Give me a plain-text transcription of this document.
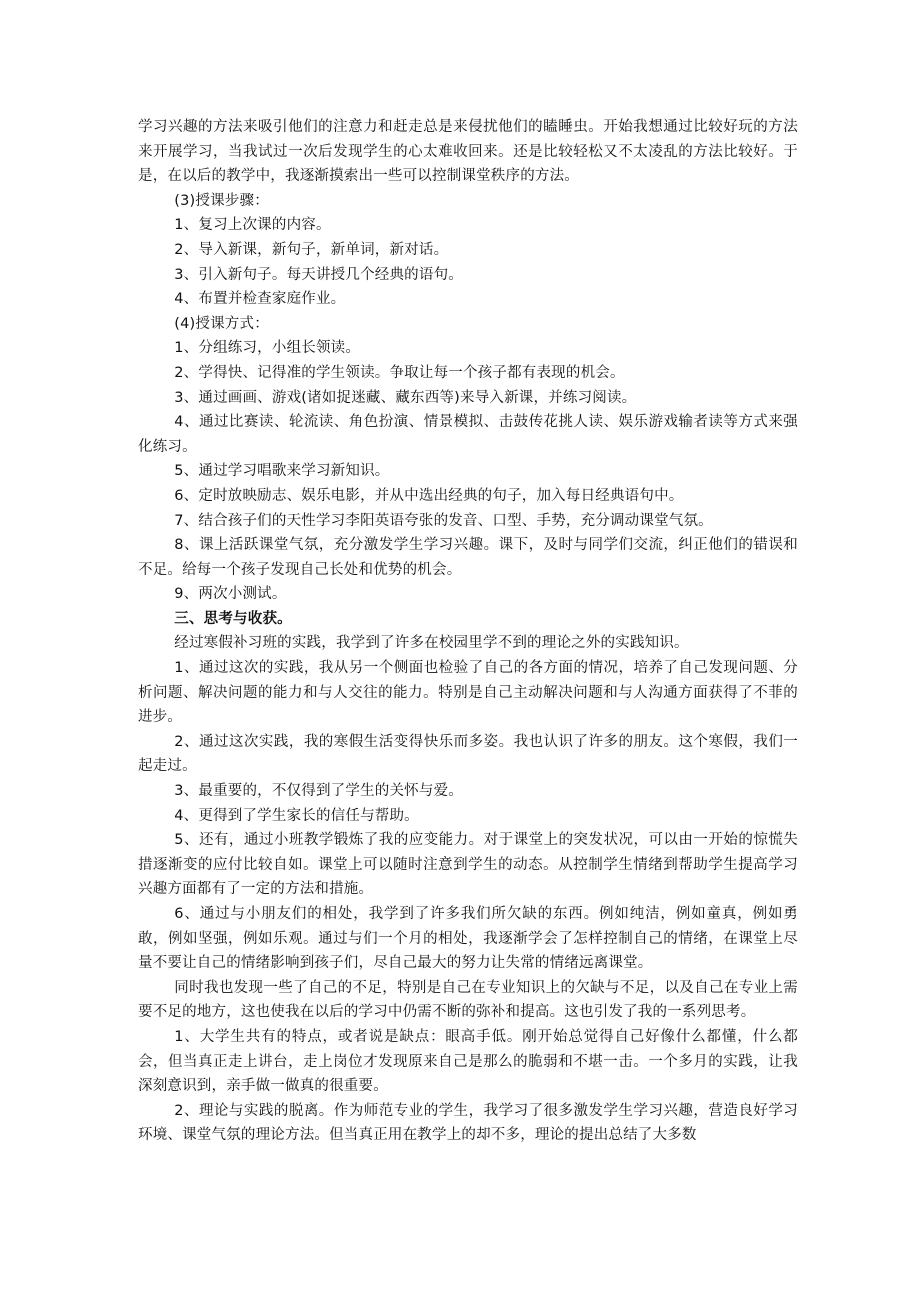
学习兴趣的方法来吸引他们的注意力和赶走总是来侵扰他们的瞌睡虫。开始我想通过比较好玩的方法来开展学习，当我试过一次后发现学生的心太难收回来。还是比较轻松又不太凌乱的方法比较好。于是，在以后的教学中，我逐渐摸索出一些可以控制课堂秩序的方法。

(3)授课步骤：

1、复习上次课的内容。

2、导入新课，新句子，新单词，新对话。

3、引入新句子。每天讲授几个经典的语句。

4、布置并检查家庭作业。

(4)授课方式：

1、分组练习，小组长领读。

2、学得快、记得准的学生领读。争取让每一个孩子都有表现的机会。

3、通过画画、游戏(诸如捉迷藏、藏东西等)来导入新课，并练习阅读。

4、通过比赛读、轮流读、角色扮演、情景模拟、击鼓传花挑人读、娱乐游戏输者读等方式来强化练习。

5、通过学习唱歌来学习新知识。

6、定时放映励志、娱乐电影，并从中选出经典的句子，加入每日经典语句中。

7、结合孩子们的天性学习李阳英语夸张的发音、口型、手势，充分调动课堂气氛。

8、课上活跃课堂气氛，充分激发学生学习兴趣。课下，及时与同学们交流，纠正他们的错误和不足。给每一个孩子发现自己长处和优势的机会。

9、两次小测试。

三、思考与收获。

经过寒假补习班的实践，我学到了许多在校园里学不到的理论之外的实践知识。

1、通过这次的实践，我从另一个侧面也检验了自己的各方面的情况，培养了自己发现问题、分析问题、解决问题的能力和与人交往的能力。特别是自己主动解决问题和与人沟通方面获得了不菲的进步。

2、通过这次实践，我的寒假生活变得快乐而多姿。我也认识了许多的朋友。这个寒假，我们一起走过。

3、最重要的，不仅得到了学生的关怀与爱。

4、更得到了学生家长的信任与帮助。

5、还有，通过小班教学锻炼了我的应变能力。对于课堂上的突发状况，可以由一开始的惊慌失措逐渐变的应付比较自如。课堂上可以随时注意到学生的动态。从控制学生情绪到帮助学生提高学习兴趣方面都有了一定的方法和措施。

6、通过与小朋友们的相处，我学到了许多我们所欠缺的东西。例如纯洁，例如童真，例如勇敢，例如坚强，例如乐观。通过与们一个月的相处，我逐渐学会了怎样控制自己的情绪，在课堂上尽量不要让自己的情绪影响到孩子们，尽自己最大的努力让失常的情绪远离课堂。

同时我也发现一些了自己的不足，特别是自己在专业知识上的欠缺与不足，以及自己在专业上需要不足的地方，这也使我在以后的学习中仍需不断的弥补和提高。这也引发了我的一系列思考。

1、大学生共有的特点，或者说是缺点：眼高手低。刚开始总觉得自己好像什么都懂，什么都会，但当真正走上讲台，走上岗位才发现原来自己是那么的脆弱和不堪一击。一个多月的实践，让我深刻意识到，亲手做一做真的很重要。

2、理论与实践的脱离。作为师范专业的学生，我学习了很多激发学生学习兴趣，营造良好学习环境、课堂气氛的理论方法。但当真正用在教学上的却不多，理论的提出总结了大多数
